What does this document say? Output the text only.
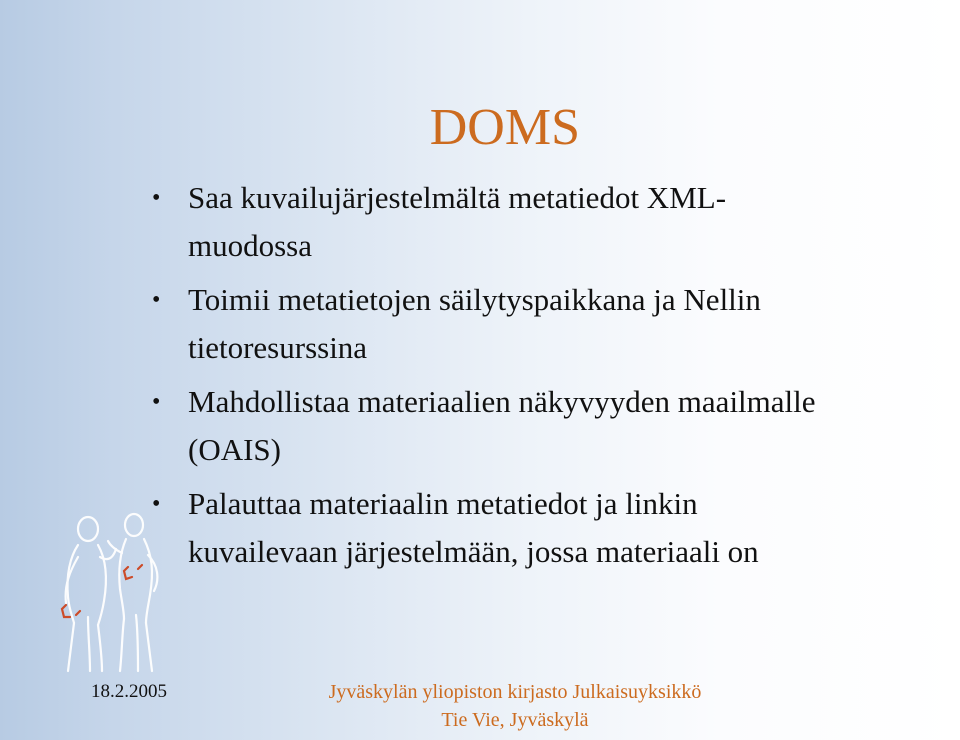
DOMS
• Saa kuvailujärjestelmältä metatiedot XML-
muodossa
• Toimii metatietojen säilytyspaikkana ja Nellin
tietoresurssina
• Mahdollistaa materiaalien näkyvyyden maailmalle
(OAIS)
• Palauttaa materiaalin metatiedot ja linkin
kuvailevaan järjestelmään, jossa materiaali on
18.2.2005	Jyväskylän yliopiston kirjasto Julkaisuyksikkö
Tie Vie, Jyväskylä
